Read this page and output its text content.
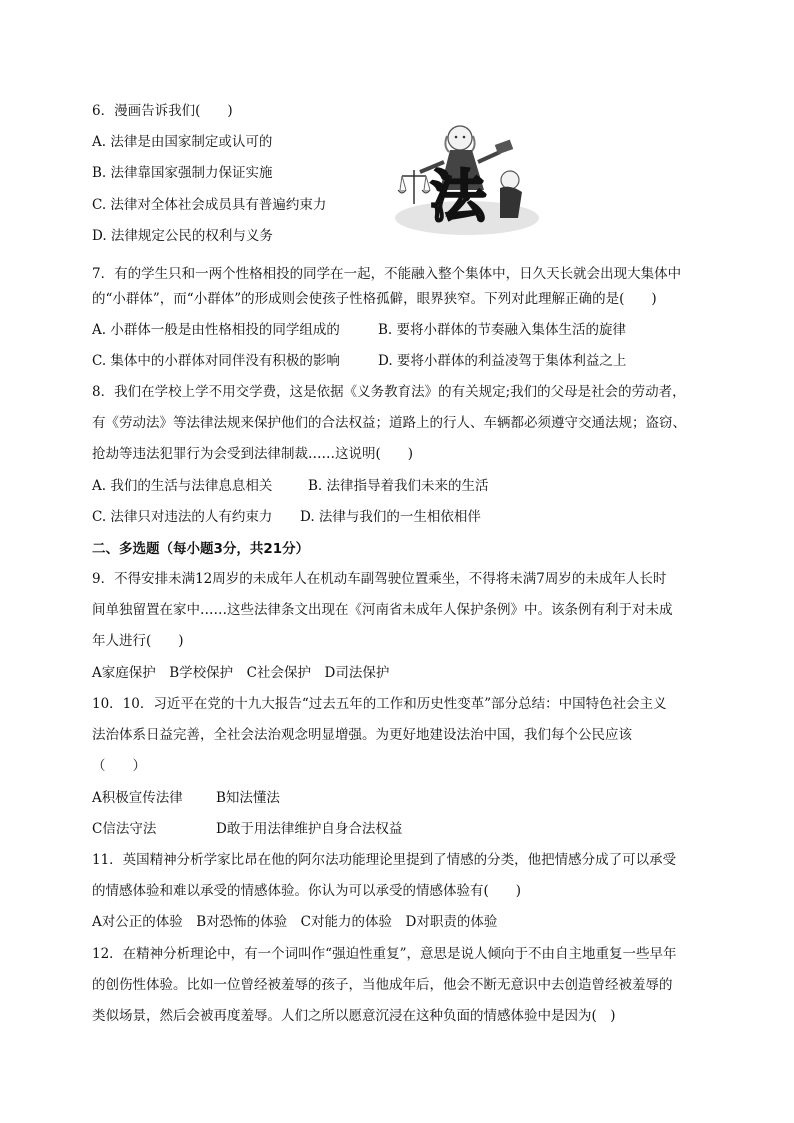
6．漫画告诉我们(　　)
A. 法律是由国家制定或认可的
B. 法律靠国家强制力保证实施
C. 法律对全体社会成员具有普遍约束力
D. 法律规定公民的权利与义务
法
7．有的学生只和一两个性格相投的同学在一起，不能融入整个集体中，日久天长就会出现大集体中
的“小群体”，而“小群体”的形成则会使孩子性格孤僻，眼界狭窄。下列对此理解正确的是(　　)
A. 小群体一般是由性格相投的同学组成的	B. 要将小群体的节奏融入集体生活的旋律
C. 集体中的小群体对同伴没有积极的影响	D. 要将小群体的利益凌驾于集体利益之上
8．我们在学校上学不用交学费，这是依据《义务教育法》的有关规定;我们的父母是社会的劳动者，
有《劳动法》等法律法规来保护他们的合法权益；道路上的行人、车辆都必须遵守交通法规；盗窃、
抢劫等违法犯罪行为会受到法律制裁……这说明(　　)
A. 我们的生活与法律息息相关	B. 法律指导着我们未来的生活
C. 法律只对违法的人有约束力 D. 法律与我们的一生相依相伴
二、多选题（每小题3分，共21分）
9．不得安排未满12周岁的未成年人在机动车副驾驶位置乘坐，不得将未满7周岁的未成年人长时
间单独留置在家中……这些法律条文出现在《河南省未成年人保护条例》中。该条例有利于对未成
年人进行(　　)
A家庭保护　B学校保护　C社会保护　D司法保护
10．10．习近平在党的十九大报告“过去五年的工作和历史性变革”部分总结：中国特色社会主义
法治体系日益完善，全社会法治观念明显增强。为更好地建设法治中国，我们每个公民应该
（　　）
A积极宣传法律 B知法懂法
C信法守法	D敢于用法律维护自身合法权益
11．英国精神分析学家比昂在他的阿尔法功能理论里提到了情感的分类，他把情感分成了可以承受
的情感体验和难以承受的情感体验。你认为可以承受的情感体验有(　　)
A对公正的体验　B对恐怖的体验　C对能力的体验　D对职责的体验
12．在精神分析理论中，有一个词叫作“强迫性重复”，意思是说人倾向于不由自主地重复一些早年
的创伤性体验。比如一位曾经被羞辱的孩子，当他成年后，他会不断无意识中去创造曾经被羞辱的
类似场景，然后会被再度羞辱。人们之所以愿意沉浸在这种负面的情感体验中是因为(　)
